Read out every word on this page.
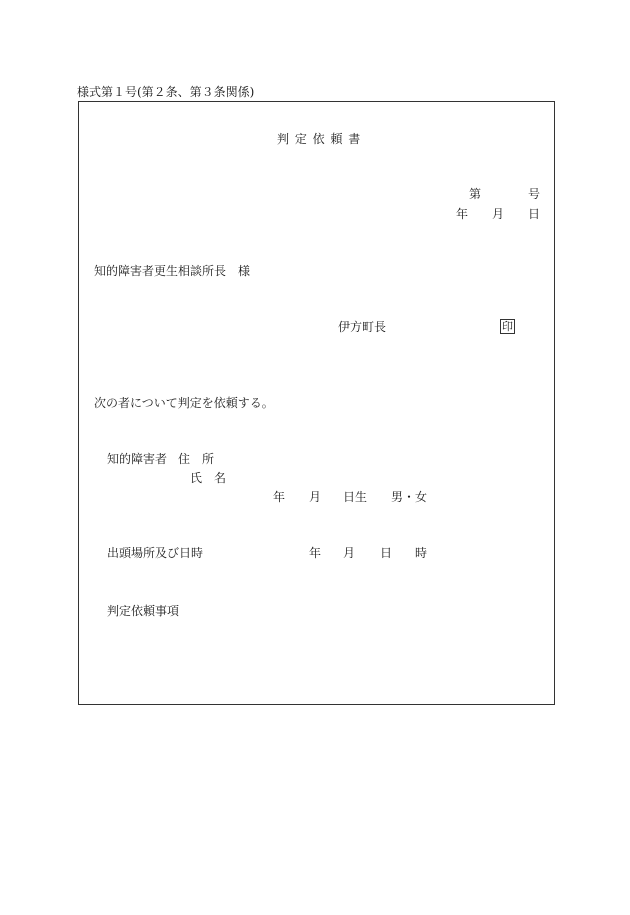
様式第１号(第２条、第３条関係)
判 定 依 頼 書
第	号
年 月 日
知的障害者更生相談所長　様
伊方町長	印
次の者について判定を依頼する。
知的障害者 住　所
氏　名
年 月 日生 男・女
出頭場所及び日時	年 月 日 時
判定依頼事項
